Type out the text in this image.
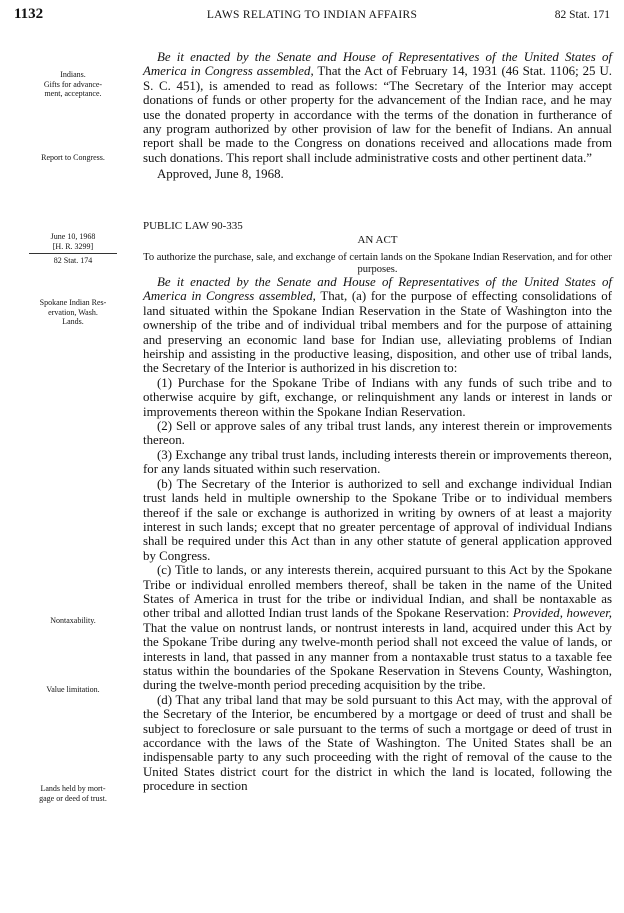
1132	LAWS RELATING TO INDIAN AFFAIRS	82 Stat. 171
Indians.
Gifts for advance-
ment, acceptance.
Report to Congress.
June 10, 1968
[H. R. 3299]
82 Stat. 174
Spokane Indian Res-
ervation, Wash.
Lands.
Nontaxability.
Value limitation.
Lands held by mort-
gage or deed of trust.

Be it enacted by the Senate and House of Representatives of the United States of America in Congress assembled, That the Act of February 14, 1931 (46 Stat. 1106; 25 U. S. C. 451), is amended to read as follows: “The Secretary of the Interior may accept donations of funds or other property for the advancement of the Indian race, and he may use the donated property in accordance with the terms of the donation in furtherance of any program authorized by other provision of law for the benefit of Indians. An annual report shall be made to the Congress on donations received and allocations made from such donations. This report shall include administrative costs and other pertinent data.”

Approved, June 8, 1968.

PUBLIC LAW 90-335

AN ACT

To authorize the purchase, sale, and exchange of certain lands on the Spokane Indian Reservation, and for other purposes.

Be it enacted by the Senate and House of Representatives of the United States of America in Congress assembled, That, (a) for the purpose of effecting consolidations of land situated within the Spokane Indian Reservation in the State of Washington into the ownership of the tribe and of individual tribal members and for the purpose of attaining and preserving an economic land base for Indian use, alleviating problems of Indian heirship and assisting in the productive leasing, disposition, and other use of tribal lands, the Secretary of the Interior is authorized in his discretion to:

(1) Purchase for the Spokane Tribe of Indians with any funds of such tribe and to otherwise acquire by gift, exchange, or relinquishment any lands or interest in lands or improvements thereon within the Spokane Indian Reservation.

(2) Sell or approve sales of any tribal trust lands, any interest therein or improvements thereon.

(3) Exchange any tribal trust lands, including interests therein or improvements thereon, for any lands situated within such reservation.

(b) The Secretary of the Interior is authorized to sell and exchange individual Indian trust lands held in multiple ownership to the Spokane Tribe or to individual members thereof if the sale or exchange is authorized in writing by owners of at least a majority interest in such lands; except that no greater percentage of approval of individual Indians shall be required under this Act than in any other statute of general application approved by Congress.

(c) Title to lands, or any interests therein, acquired pursuant to this Act by the Spokane Tribe or individual enrolled members thereof, shall be taken in the name of the United States of America in trust for the tribe or individual Indian, and shall be nontaxable as other tribal and allotted Indian trust lands of the Spokane Reservation: Provided, however, That the value on nontrust lands, or nontrust interests in land, acquired under this Act by the Spokane Tribe during any twelve-month period shall not exceed the value of lands, or interests in land, that passed in any manner from a nontaxable trust status to a taxable fee status within the boundaries of the Spokane Reservation in Stevens County, Washington, during the twelve-month period preceding acquisition by the tribe.

(d) That any tribal land that may be sold pursuant to this Act may, with the approval of the Secretary of the Interior, be encumbered by a mortgage or deed of trust and shall be subject to foreclosure or sale pursuant to the terms of such a mortgage or deed of trust in accordance with the laws of the State of Washington. The United States shall be an indispensable party to any such proceeding with the right of removal of the cause to the United States district court for the district in which the land is located, following the procedure in section
